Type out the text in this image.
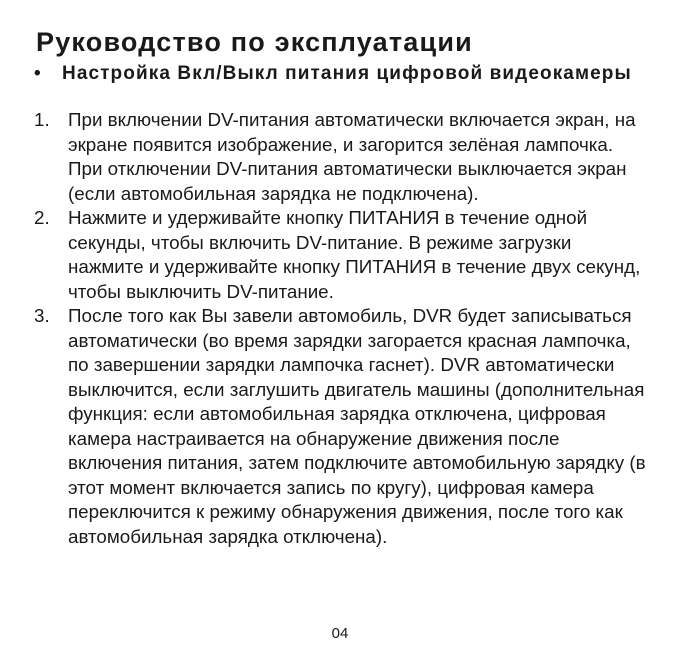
Руководство по эксплуатации
•	Настройка Вкл/Выкл питания цифровой видеокамеры
1. При включении DV-питания автоматически включается экран, на экране появится изображение, и загорится зелёная лампочка. При отключении DV-питания автоматически выключается экран (если автомобильная зарядка не подключена).
2. Нажмите и удерживайте кнопку ПИТАНИЯ в течение одной секунды, чтобы включить DV-питание. В режиме загрузки нажмите и удерживайте кнопку ПИТАНИЯ в течение двух секунд, чтобы выключить DV-питание.
3. После того как Вы завели автомобиль, DVR будет записываться автоматически (во время зарядки загорается красная лампочка, по завершении зарядки лампочка гаснет). DVR автоматически выключится, если заглушить двигатель машины (дополнительная функция: если автомобильная зарядка отключена, цифровая камера настраивается на обнаружение движения после включения питания, затем подключите автомобильную зарядку (в этот момент включается запись по кругу), цифровая камера переключится к режиму обнаружения движения, после того как автомобильная зарядка отключена).
04
